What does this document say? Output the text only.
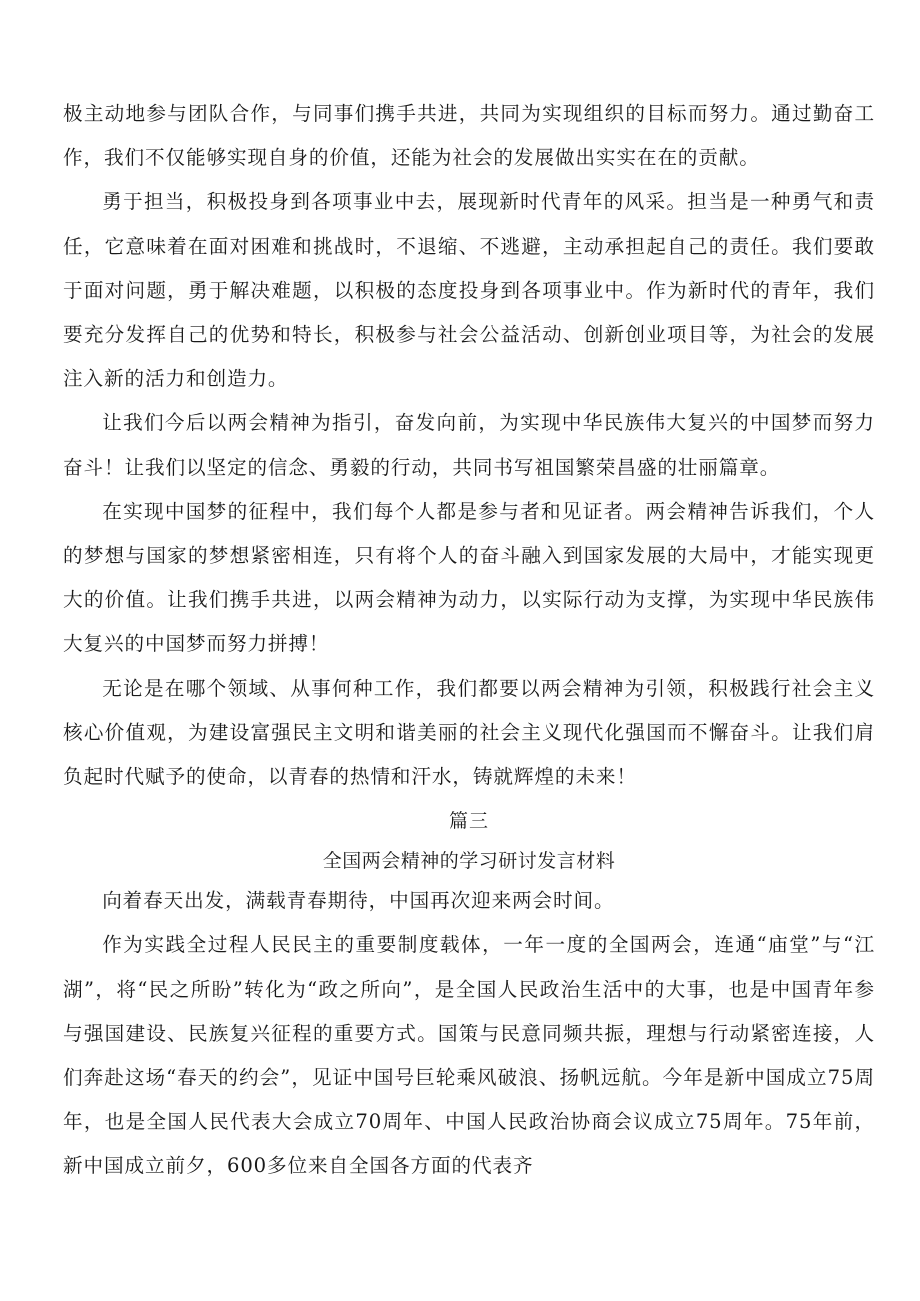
极主动地参与团队合作，与同事们携手共进，共同为实现组织的目标而努力。通过勤奋工作，我们不仅能够实现自身的价值，还能为社会的发展做出实实在在的贡献。

勇于担当，积极投身到各项事业中去，展现新时代青年的风采。担当是一种勇气和责任，它意味着在面对困难和挑战时，不退缩、不逃避，主动承担起自己的责任。我们要敢于面对问题，勇于解决难题，以积极的态度投身到各项事业中。作为新时代的青年，我们要充分发挥自己的优势和特长，积极参与社会公益活动、创新创业项目等，为社会的发展注入新的活力和创造力。

让我们今后以两会精神为指引，奋发向前，为实现中华民族伟大复兴的中国梦而努力奋斗！让我们以坚定的信念、勇毅的行动，共同书写祖国繁荣昌盛的壮丽篇章。

在实现中国梦的征程中，我们每个人都是参与者和见证者。两会精神告诉我们，个人的梦想与国家的梦想紧密相连，只有将个人的奋斗融入到国家发展的大局中，才能实现更大的价值。让我们携手共进，以两会精神为动力，以实际行动为支撑，为实现中华民族伟大复兴的中国梦而努力拼搏！

无论是在哪个领域、从事何种工作，我们都要以两会精神为引领，积极践行社会主义核心价值观，为建设富强民主文明和谐美丽的社会主义现代化强国而不懈奋斗。让我们肩负起时代赋予的使命，以青春的热情和汗水，铸就辉煌的未来！

篇三

全国两会精神的学习研讨发言材料

向着春天出发，满载青春期待，中国再次迎来两会时间。

作为实践全过程人民民主的重要制度载体，一年一度的全国两会，连通“庙堂”与“江湖”，将“民之所盼”转化为“政之所向”，是全国人民政治生活中的大事，也是中国青年参与强国建设、民族复兴征程的重要方式。国策与民意同频共振，理想与行动紧密连接，人们奔赴这场“春天的约会”，见证中国号巨轮乘风破浪、扬帆远航。今年是新中国成立75周年，也是全国人民代表大会成立70周年、中国人民政治协商会议成立75周年。75年前，新中国成立前夕，600多位来自全国各方面的代表齐
